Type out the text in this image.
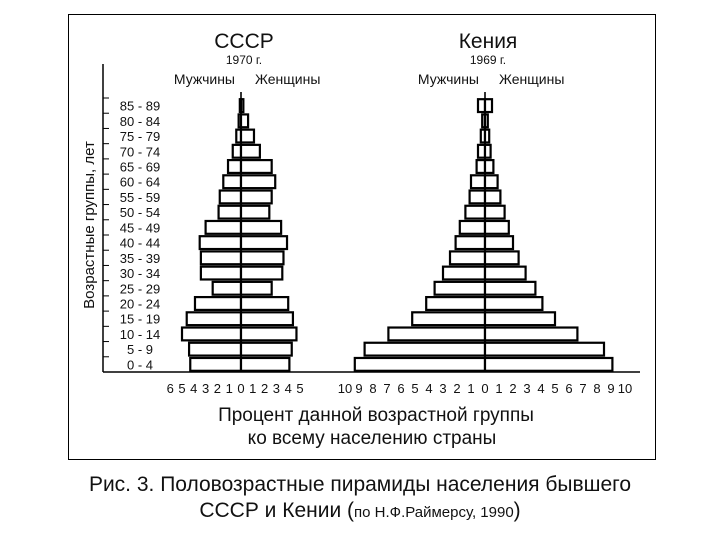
Возрастные группы, лет
Процент данной возрастной группы
ко всему населению страны
0 - 4
5 - 9
10 - 14
15 - 19
20 - 24
25 - 29
30 - 34
35 - 39
40 - 44
45 - 49
50 - 54
55 - 59
60 - 64
65 - 69
70 - 74
75 - 79
80 - 84
85 - 89
СССР
1970 г.
Мужчины Женщины
6 5 4 3 2 1 0 1 2 3 4 5
Кения
1969 г.
Мужчины Женщины
10 9 8 7 6 5 4 3 2 1 0 1 2 3 4 5 6 7 8 9 10
Рис. 3. Половозрастные пирамиды населения бывшего
СССР и Кении (по Н.Ф.Раймерсу, 1990)
